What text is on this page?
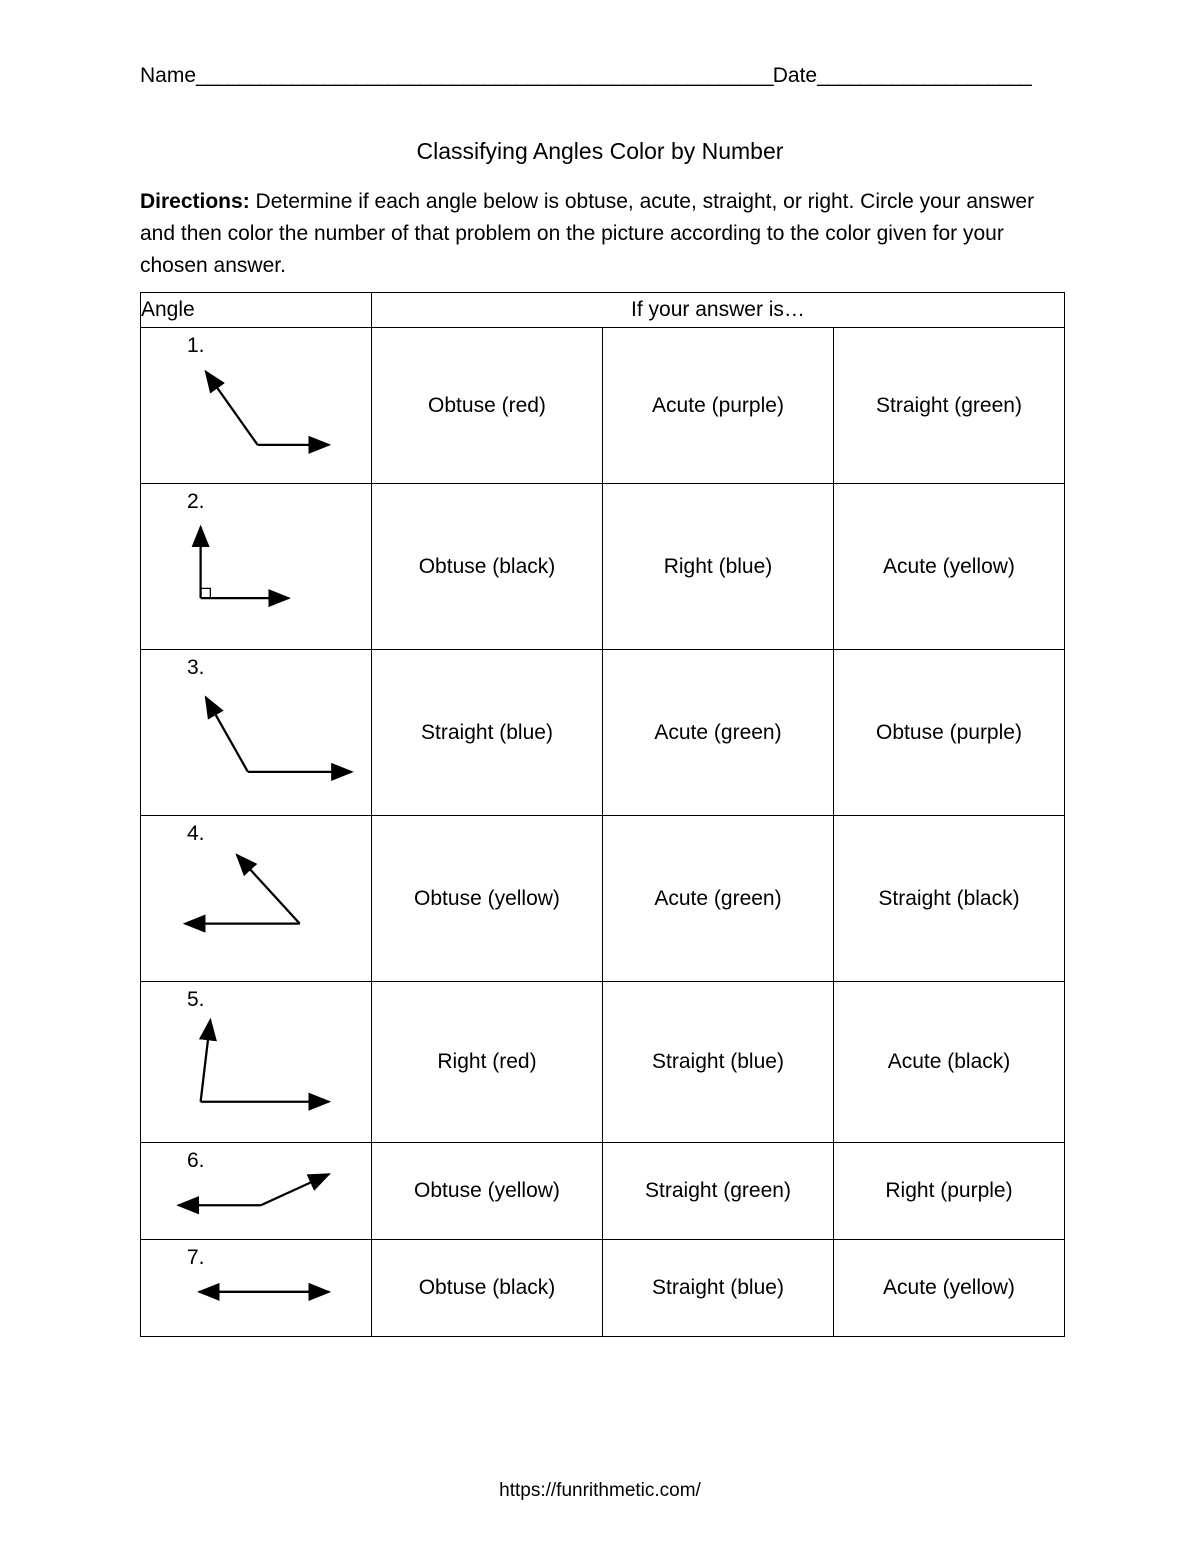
Name______________________________________________________Date____________________
Classifying Angles Color by Number
Directions: Determine if each angle below is obtuse, acute, straight, or right. Circle your answer and then color the number of that problem on the picture according to the color given for your chosen answer.
Angle	If your answer is…		

1.	Obtuse (red)	Acute (purple)	Straight (green)

2.	Obtuse (black)	Right (blue)	Acute (yellow)

3.	Straight (blue)	Acute (green)	Obtuse (purple)

4.	Obtuse (yellow)	Acute (green)	Straight (black)

5.	Right (red)	Straight (blue)	Acute (black)

6.	Obtuse (yellow)	Straight (green)	Right (purple)

7.	Obtuse (black)	Straight (blue)	Acute (yellow)
https://funrithmetic.com/
